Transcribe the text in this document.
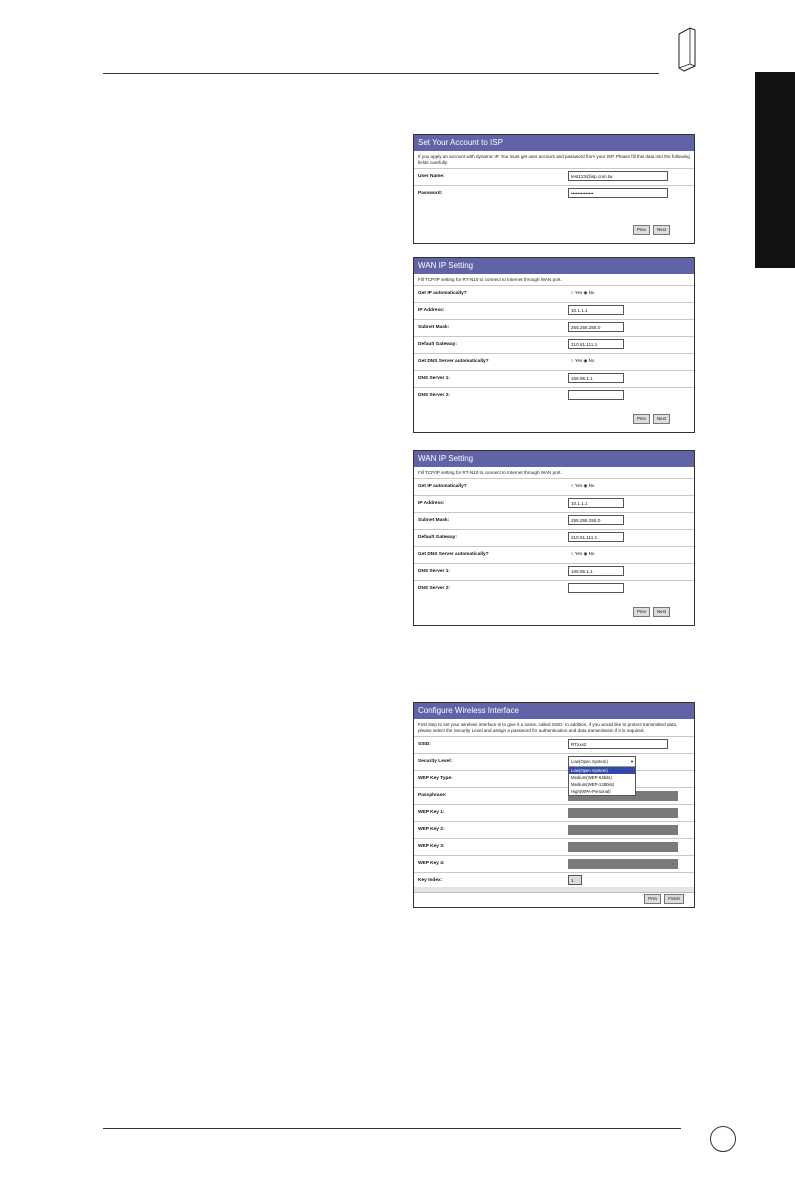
Set Your Account to ISP
If you apply an account with dynamic IP. You must get user account and password from your ISP. Please fill this data into the following fields carefully.
User Name:	test123@isp.com.tw
Password:	••••••••••••••
Prev	Next
WAN IP Setting
Fill TCP/IP setting for RT-N10 to connect to Internet through WAN port.
Get IP automatically?	○ Yes ◉ No
IP Address:	10.1.1.1
Subnet Mask:	255.255.255.0
Default Gateway:	210.61.111.1
Get DNS Server automatically?	○ Yes ◉ No
DNS Server 1:	168.95.1.1
DNS Server 2:
Prev	Next
WAN IP Setting
Fill TCP/IP setting for RT-N10 to connect to Internet through WAN port.
Get IP automatically?	○ Yes ◉ No
IP Address:	10.1.1.1
Subnet Mask:	255.255.255.0
Default Gateway:	210.61.111.1
Get DNS Server automatically?	○ Yes ◉ No
DNS Server 1:	168.95.1.1
DNS Server 2:
Prev	Next
Configure Wireless Interface
First step to set your wireless interface is to give it a name, called SSID. In addition, if you would like to protect transmitted data, please select the Security Level and assign a password for authentication and data transmission if it is required.
SSID:	RTxxx2
Security Level:	Low(Open System)	▾
Low(Open System)
Medium(WEP-64bits)
Medium(WEP-128bits)
High(WPA-Personal)
WEP Key Type:
Passphrase:
WEP Key 1:
WEP Key 2:
WEP Key 3:
WEP Key 4:
Key Index:	1
Prev	Finish
